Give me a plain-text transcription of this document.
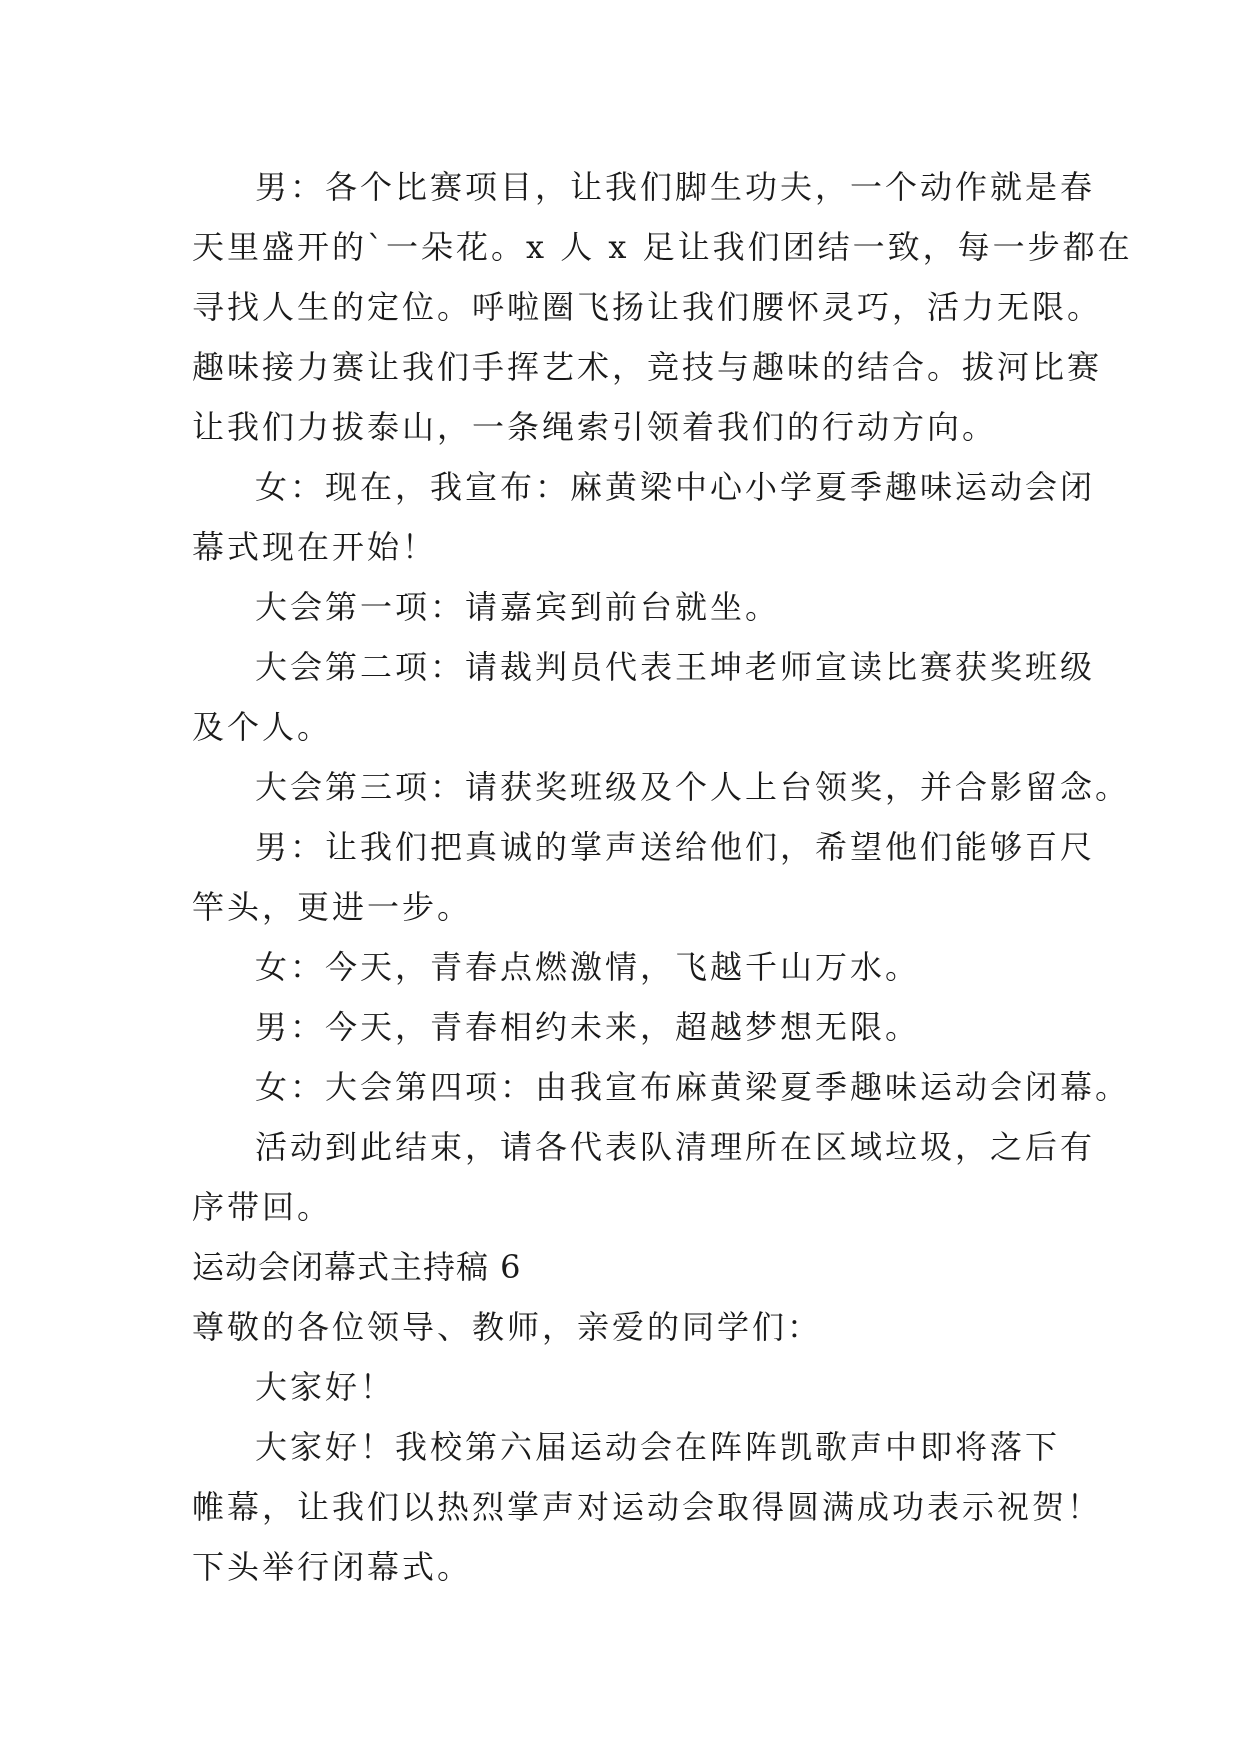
男：各个比赛项目，让我们脚生功夫，一个动作就是春
天里盛开的`一朵花。x 人 x 足让我们团结一致，每一步都在
寻找人生的定位。呼啦圈飞扬让我们腰怀灵巧，活力无限。
趣味接力赛让我们手挥艺术，竞技与趣味的结合。拔河比赛
让我们力拔泰山，一条绳索引领着我们的行动方向。
女：现在，我宣布：麻黄梁中心小学夏季趣味运动会闭
幕式现在开始！
大会第一项：请嘉宾到前台就坐。
大会第二项：请裁判员代表王坤老师宣读比赛获奖班级
及个人。
大会第三项：请获奖班级及个人上台领奖，并合影留念。
男：让我们把真诚的掌声送给他们，希望他们能够百尺
竿头，更进一步。
女：今天，青春点燃激情，飞越千山万水。
男：今天，青春相约未来，超越梦想无限。
女：大会第四项：由我宣布麻黄梁夏季趣味运动会闭幕。
活动到此结束，请各代表队清理所在区域垃圾，之后有
序带回。
运动会闭幕式主持稿 6
尊敬的各位领导、教师，亲爱的同学们：
大家好！
大家好！我校第六届运动会在阵阵凯歌声中即将落下
帷幕，让我们以热烈掌声对运动会取得圆满成功表示祝贺！
下头举行闭幕式。
